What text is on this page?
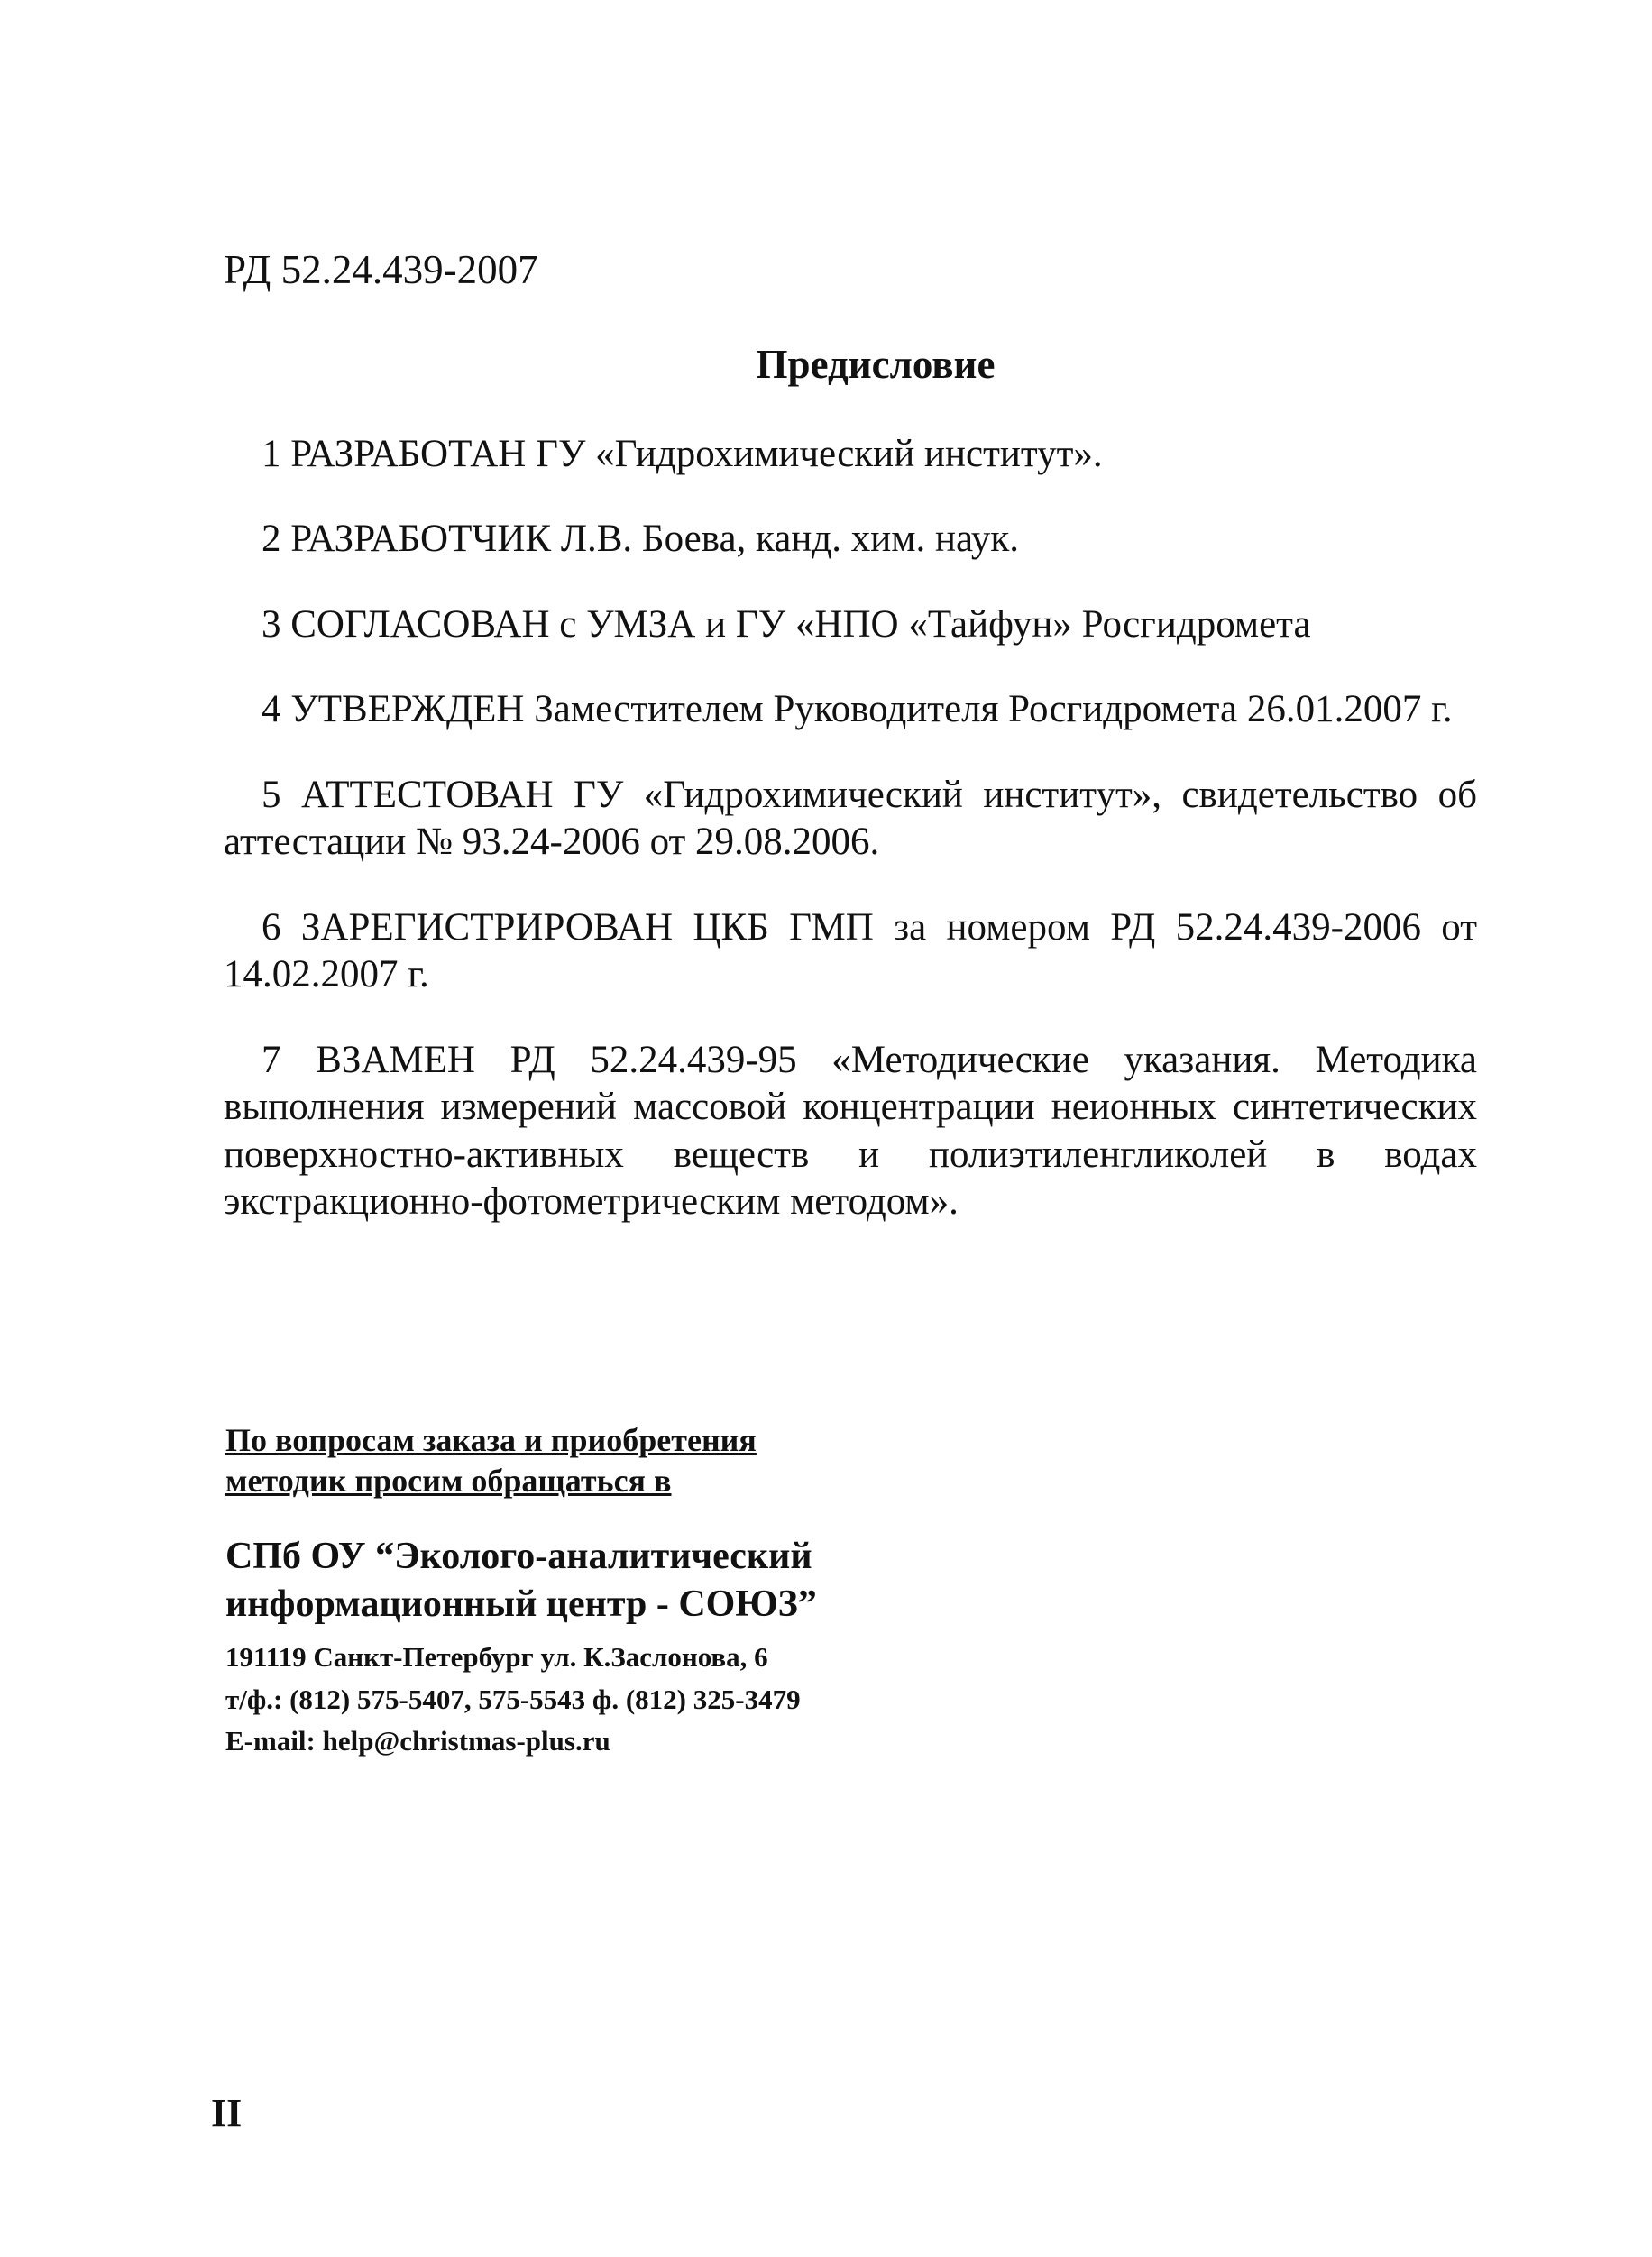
РД 52.24.439-2007
Предисловие

1 РАЗРАБОТАН ГУ «Гидрохимический институт».

2 РАЗРАБОТЧИК Л.В. Боева, канд. хим. наук.

3 СОГЛАСОВАН с УМЗА и ГУ «НПО «Тайфун» Росгидромета

4 УТВЕРЖДЕН Заместителем Руководителя Росгидромета 26.01.2007 г.

5 АТТЕСТОВАН ГУ «Гидрохимический институт», свидетельство об аттестации № 93.24-2006 от 29.08.2006.

6 ЗАРЕГИСТРИРОВАН ЦКБ ГМП за номером РД 52.24.439-2006 от 14.02.2007 г.

7 ВЗАМЕН РД 52.24.439-95 «Методические указания. Методика выполнения измерений массовой концентрации неионных синтетических поверхностно-активных веществ и полиэтиленгликолей в водах экстракционно-фотометрическим методом».

По вопросам заказа и приобретения
методик просим обращаться в
СПб ОУ “Эколого-аналитический
информационный центр - СОЮЗ”
191119 Санкт-Петербург ул. К.Заслонова, 6
т/ф.: (812) 575-5407, 575-5543 ф. (812) 325-3479
E-mail: help@christmas-plus.ru
II
